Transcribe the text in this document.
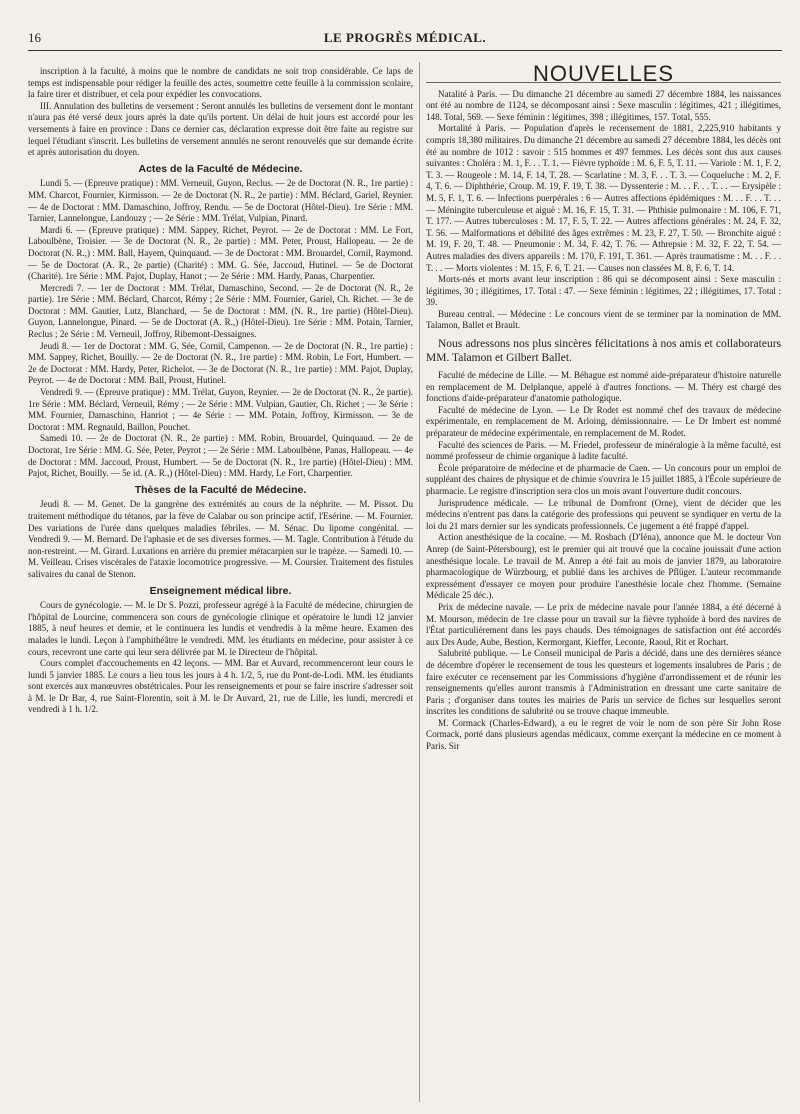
16	LE PROGRÈS MÉDICAL.

inscription à la faculté, à moins que le nombre de candidats ne soit trop considérable. Ce laps de temps est indispensable pour rédiger la feuille des actes, soumettre cette feuille à la commission scolaire, la faire tirer et distribuer, et cela pour expédier les convocations.

III. Annulation des bulletins de versement : Seront annulés les bulletins de versement dont le montant n'aura pas été versé deux jours après la date qu'ils portent. Un délai de huit jours est accordé pour les versements à faire en province : Dans ce dernier cas, déclaration expresse doit être faite au registre sur lequel l'étudiant s'inscrit. Les bulletins de versement annulés ne seront renouvelés que sur demande écrite et après autorisation du doyen.

Actes de la Faculté de Médecine.

Lundi 5. — (Epreuve pratique) : MM. Verneuil, Guyon, Reclus. — 2e de Doctorat (N. R., 1re partie) : MM. Charcot, Fournier, Kirmisson. — 2e de Doctorat (N. R., 2e partie) : MM. Béclard, Gariel, Reynier. — 4e de Doctorat : MM. Damaschino, Joffroy, Rendu. — 5e de Doctorat (Hôtel-Dieu). 1re Série : MM. Tarnier, Lannelongue, Landouzy ; — 2e Série : MM. Trélat, Vulpian, Pinard.

Mardi 6. — (Epreuve pratique) : MM. Sappey, Richet, Peyrot. — 2e de Doctorat : MM. Le Fort, Laboulbène, Troisier. — 3e de Doctorat (N. R., 2e partie) : MM. Peter, Proust, Hallopeau. — 2e de Doctorat (N. R.,) : MM. Ball, Hayem, Quinquaud. — 3e de Doctorat : MM. Brouardel, Cornil, Raymond. — 5e de Doctorat (A. R., 2e partie) (Charité) : MM. G. Sée, Jaccoud, Hutinel. — 5e de Doctorat (Charité). 1re Série : MM. Pajot, Duplay, Hanot ; — 2e Série : MM. Hardy, Panas, Charpentier.

Mercredi 7. — 1er de Doctorat : MM. Trélat, Damaschino, Second. — 2e de Doctorat (N. R., 2e partie). 1re Série : MM. Béclard, Charcot, Rémy ; 2e Série : MM. Fournier, Gariel, Ch. Richet. — 3e de Doctorat : MM. Gautier, Lutz, Blanchard, — 5e de Doctorat : MM. (N. R., 1re partie) (Hôtel-Dieu). Guyon, Lannelongue, Pinard. — 5e de Doctorat (A. R.,) (Hôtel-Dieu). 1re Série : MM. Potain, Tarnier, Reclus ; 2e Série : M. Verneuil, Joffroy, Ribemont-Dessaignes.

Jeudi 8. — 1er de Doctorat : MM. G. Sée, Cornil, Campenon. — 2e de Doctorat (N. R., 1re partie) : MM. Sappey, Richet, Bouilly. — 2e de Doctorat (N. R., 1re partie) : MM. Robin, Le Fort, Humbert. — 2e de Doctorat : MM. Hardy, Peter, Richelot. — 3e de Doctorat (N. R., 1re partie) : MM. Pajot, Duplay, Peyrot. — 4e de Doctorat : MM. Ball, Proust, Hutinel.

Vendredi 9. — (Epreuve pratique) : MM. Trélat, Guyon, Reynier. — 2e de Doctorat (N. R., 2e partie). 1re Série : MM. Béclard, Verneuil, Rémy ; — 2e Série : MM. Vulpian, Gautier, Ch. Richet ; — 3e Série : MM. Fournier, Damaschino, Hanriot ; — 4e Série : — MM. Potain, Joffroy, Kirmisson. — 3e de Doctorat : MM. Regnauld, Baillon, Pouchet.

Samedi 10. — 2e de Doctorat (N. R., 2e partie) : MM. Robin, Brouardel, Quinquaud. — 2e de Doctorat, 1re Série : MM. G. Sée, Peter, Peyrot ; — 2e Série : MM. Laboulbène, Panas, Hallopeau. — 4e de Doctorat : MM. Jaccoud, Proust, Humbert. — 5e de Doctorat (N. R., 1re partie) (Hôtel-Dieu) : MM. Pajot, Richet, Bouilly. — 5e id. (A. R.,) (Hôtel-Dieu) : MM. Hardy, Le Fort, Charpentier.

Thèses de la Faculté de Médecine.

Jeudi 8. — M. Genet. De la gangrène des extrémités au cours de la néphrite. — M. Pissot. Du traitement méthodique du tétanos, par la fève de Calabar ou son principe actif, l'Esérine. — M. Fournier. Des variations de l'urée dans quelques maladies fébriles. — M. Sénac. Du lipome congénital. — Vendredi 9. — M. Bernard. De l'aphasie et de ses diverses formes. — M. Tagle. Contribution à l'étude du non-restreint. — M. Girard. Luxations en arrière du premier métacarpien sur le trapèze. — Samedi 10. — M. Veilleau. Crises viscérales de l'ataxie locomotrice progressive. — M. Coursier. Traitement des fistules salivaires du canal de Stenon.

Enseignement médical libre.

Cours de gynécologie. — M. le Dr S. Pozzi, professeur agrégé à la Faculté de médecine, chirurgien de l'hôpital de Lourcine, commencera son cours de gynécologie clinique et opératoire le lundi 12 janvier 1885, à neuf heures et demie, et le continuera les lundis et vendredis à la même heure. Examen des malades le lundi. Leçon à l'amphithéâtre le vendredi. MM. les étudiants en médecine, pour assister à ce cours, recevront une carte qui leur sera délivrée par M. le Directeur de l'hôpital.

Cours complet d'accouchements en 42 leçons. — MM. Bar et Auvard, recommenceront leur cours le lundi 5 janvier 1885. Le cours a lieu tous les jours à 4 h. 1/2, 5, rue du Pont-de-Lodi. MM. les étudiants sont exercés aux manœuvres obstétricales. Pour les renseignements et pour se faire inscrire s'adresser soit à M. le Dr Bar, 4, rue Saint-Florentin, soit à M. le Dr Auvard, 21, rue de Lille, les lundi, mercredi et vendredi à 1 h. 1/2.

NOUVELLES

Natalité à Paris. — Du dimanche 21 décembre au samedi 27 décembre 1884, les naissances ont été au nombre de 1124, se décomposant ainsi : Sexe masculin : légitimes, 421 ; illégitimes, 148. Total, 569. — Sexe féminin : légitimes, 398 ; illégitimes, 157. Total, 555.

Mortalité à Paris. — Population d'après le recensement de 1881, 2,225,910 habitants y compris 18,380 militaires. Du dimanche 21 décembre au samedi 27 décembre 1884, les décès ont été au nombre de 1012 : savoir : 515 hommes et 497 femmes. Les décès sont dus aux causes suivantes : Choléra : M. 1, F. . . T. 1. — Fièvre typhoïde : M. 6, F. 5, T. 11. — Variole : M. 1, F. 2, T. 3. — Rougeole : M. 14, F. 14, T. 28. — Scarlatine : M. 3, F. . . T. 3. — Coqueluche : M. 2, F. 4, T. 6. — Diphthérie, Croup. M. 19, F. 19, T. 38. — Dyssenterie : M. . . F. . . T. . . — Erysipèle : M. 5, F. 1, T. 6. — Infections puerpérales : 6 — Autres affections épidémiques : M. . . F. . . T. . . — Méningite tuberculeuse et aiguë : M. 16, F. 15, T. 31. — Phthisie pulmonaire : M. 106, F. 71, T. 177. — Autres tuberculoses : M. 17, F. 5, T. 22. — Autres affections générales : M. 24, F. 32, T. 56. — Malformations et débilité des âges extrêmes : M. 23, F. 27, T. 50. — Bronchite aiguë : M. 19, F. 20, T. 48. — Pneumonie : M. 34, F. 42, T. 76. — Athrepsie : M. 32, F. 22, T. 54. — Autres maladies des divers appareils : M. 170, F. 191, T. 361. — Après traumatisme : M. . . F. . . T. . . — Morts violentes : M. 15, F. 6, T. 21. — Causes non classées M. 8, F. 6, T. 14.

Morts-nés et morts avant leur inscription : 86 qui se décomposent ainsi : Sexe masculin : légitimes, 30 ; illégitimes, 17. Total : 47. — Sexe féminin : légitimes, 22 ; illégitimes, 17. Total : 39.

Bureau central. — Médecine : Le concours vient de se terminer par la nomination de MM. Talamon, Ballet et Brault.

Nous adressons nos plus sincères félicitations à nos amis et collaborateurs MM. Talamon et Gilbert Ballet.

Faculté de médecine de Lille. — M. Béhague est nommé aide-préparateur d'histoire naturelle en remplacement de M. Delplanque, appelé à d'autres fonctions. — M. Théry est chargé des fonctions d'aide-préparateur d'anatomie pathologique.

Faculté de médecine de Lyon. — Le Dr Rodet est nommé chef des travaux de médecine expérimentale, en remplacement de M. Arloing, démissionnaire. — Le Dr Imbert est nommé préparateur de médecine expérimentale, en remplacement de M. Rodet.

Faculté des sciences de Paris. — M. Friedel, professeur de minéralogie à la même faculté, est nommé professeur de chimie organique à ladite faculté.

École préparatoire de médecine et de pharmacie de Caen. — Un concours pour un emploi de suppléant des chaires de physique et de chimie s'ouvrira le 15 juillet 1885, à l'École supérieure de pharmacie. Le registre d'inscription sera clos un mois avant l'ouverture dudit concours.

Jurisprudence médicale. — Le tribunal de Domfront (Orne), vient de décider que les médecins n'entrent pas dans la catégorie des professions qui peuvent se syndiquer en vertu de la loi du 21 mars dernier sur les syndicats professionnels. Ce jugement a été frappé d'appel.

Action anesthésique de la cocaïne. — M. Rosbach (D'Iéna), annonce que M. le docteur Von Anrep (de Saint-Pétersbourg), est le premier qui ait trouvé que la cocaïne jouissait d'une action anesthésique locale. Le travail de M. Anrep a été fait au mois de janvier 1879, au laboratoire pharmacologique de Würzbourg, et publié dans les archives de Pflüger. L'auteur recommande expressément d'essayer ce moyen pour produire l'anesthésie locale chez l'homme. (Semaine Médicale 25 déc.).

Prix de médecine navale. — Le prix de médecine navale pour l'année 1884, a été décerné à M. Mourson, médecin de 1re classe pour un travail sur la fièvre typhoïde à bord des navires de l'État particulièrement dans les pays chauds. Des témoignages de satisfaction ont été accordés aux Drs Aude, Aube, Bestion, Kermorgant, Kieffer, Leconte, Raoul, Rit et Rochart.

Salubrité publique. — Le Conseil municipal de Paris a décidé, dans une des dernières séance de décembre d'opérer le recensement de tous les questeurs et logements insalubres de Paris ; de faire exécuter ce recensement par les Commissions d'hygiène d'arrondissement et de réunir les renseignements qu'elles auront transmis à l'Administration en dressant une carte sanitaire de Paris ; d'organiser dans toutes les mairies de Paris un service de fiches sur lesquelles seront inscrites les conditions de salubrité ou se trouve chaque immeuble.

M. Cormack (Charles-Edward), a eu le regret de voir le nom de son père Sir John Rose Cormack, porté dans plusieurs agendas médicaux, comme exerçant la médecine en ce moment à Paris. Sir
